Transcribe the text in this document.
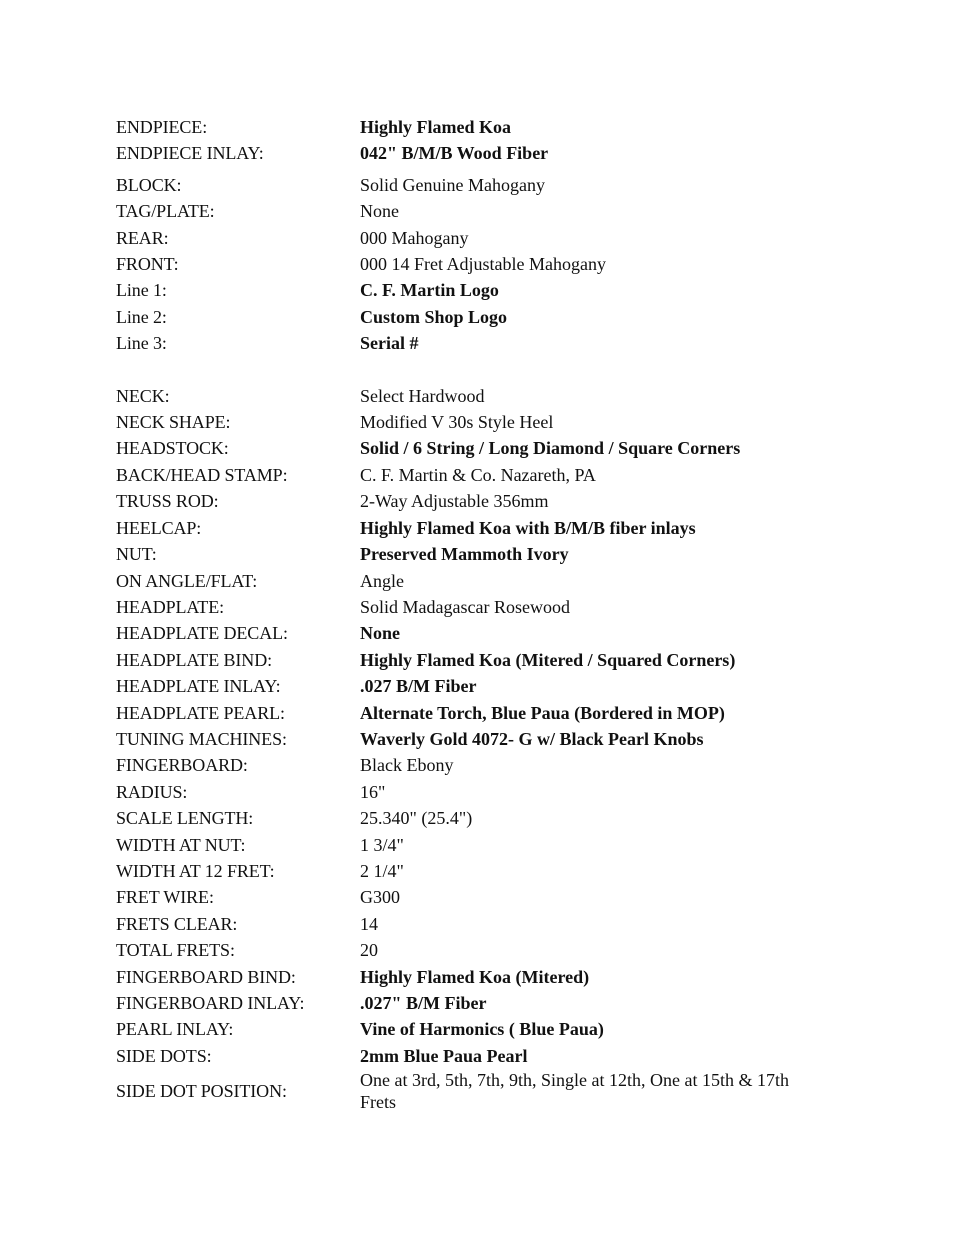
ENDPIECE:	Highly Flamed Koa
ENDPIECE INLAY:	042" B/M/B Wood Fiber
BLOCK:	Solid Genuine Mahogany
TAG/PLATE:	None
REAR:	000 Mahogany
FRONT:	000 14 Fret Adjustable Mahogany
Line 1:	C. F. Martin Logo
Line 2:	Custom Shop Logo
Line 3:	Serial #
NECK:	Select Hardwood
NECK SHAPE:	Modified V 30s Style Heel
HEADSTOCK:	Solid / 6 String / Long Diamond / Square Corners
BACK/HEAD STAMP:	C. F. Martin & Co. Nazareth, PA
TRUSS ROD:	2-Way Adjustable 356mm
HEELCAP:	Highly Flamed Koa with B/M/B fiber inlays
NUT:	Preserved Mammoth Ivory
ON ANGLE/FLAT:	Angle
HEADPLATE:	Solid Madagascar Rosewood
HEADPLATE DECAL:	None
HEADPLATE BIND:	Highly Flamed Koa (Mitered / Squared Corners)
HEADPLATE INLAY:	.027 B/M Fiber
HEADPLATE PEARL:	Alternate Torch, Blue Paua (Bordered in MOP)
TUNING MACHINES:	Waverly Gold 4072- G w/ Black Pearl Knobs
FINGERBOARD:	Black Ebony
RADIUS:	16"
SCALE LENGTH:	25.340" (25.4")
WIDTH AT NUT:	1 3/4"
WIDTH AT 12 FRET:	2 1/4"
FRET WIRE:	G300
FRETS CLEAR:	14
TOTAL FRETS:	20
FINGERBOARD BIND:	Highly Flamed Koa (Mitered)
FINGERBOARD INLAY:	.027" B/M Fiber
PEARL INLAY:	Vine of Harmonics ( Blue Paua)
SIDE DOTS:	2mm Blue Paua Pearl
SIDE DOT POSITION:
One at 3rd, 5th, 7th, 9th, Single at 12th, One at 15th & 17th Frets
